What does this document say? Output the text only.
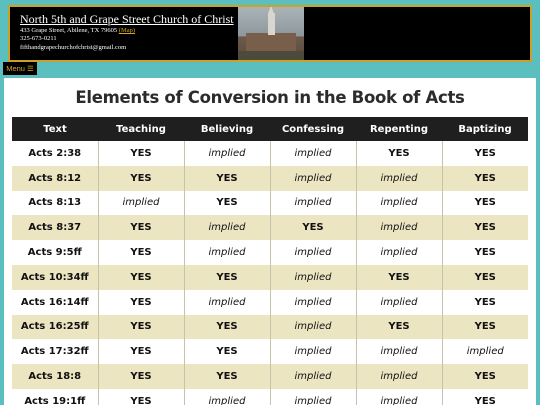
North 5th and Grape Street Church of Christ
433 Grape Street, Abilene, TX 79605 (Map)
325-673-0211
fifthandgrapechurchofchrist@gmail.com
Menu ☰
Elements of Conversion in the Book of Acts
Text	Teaching	Believing	Confessing	Repenting	Baptizing
Acts 2:38	YES	implied	implied	YES	YES
Acts 8:12	YES	YES	implied	implied	YES
Acts 8:13	implied	YES	implied	implied	YES
Acts 8:37	YES	implied	YES	implied	YES
Acts 9:5ff	YES	implied	implied	implied	YES
Acts 10:34ff	YES	YES	implied	YES	YES
Acts 16:14ff	YES	implied	implied	implied	YES
Acts 16:25ff	YES	YES	implied	YES	YES
Acts 17:32ff	YES	YES	implied	implied	implied
Acts 18:8	YES	YES	implied	implied	YES
Acts 19:1ff	YES	implied	implied	implied	YES
